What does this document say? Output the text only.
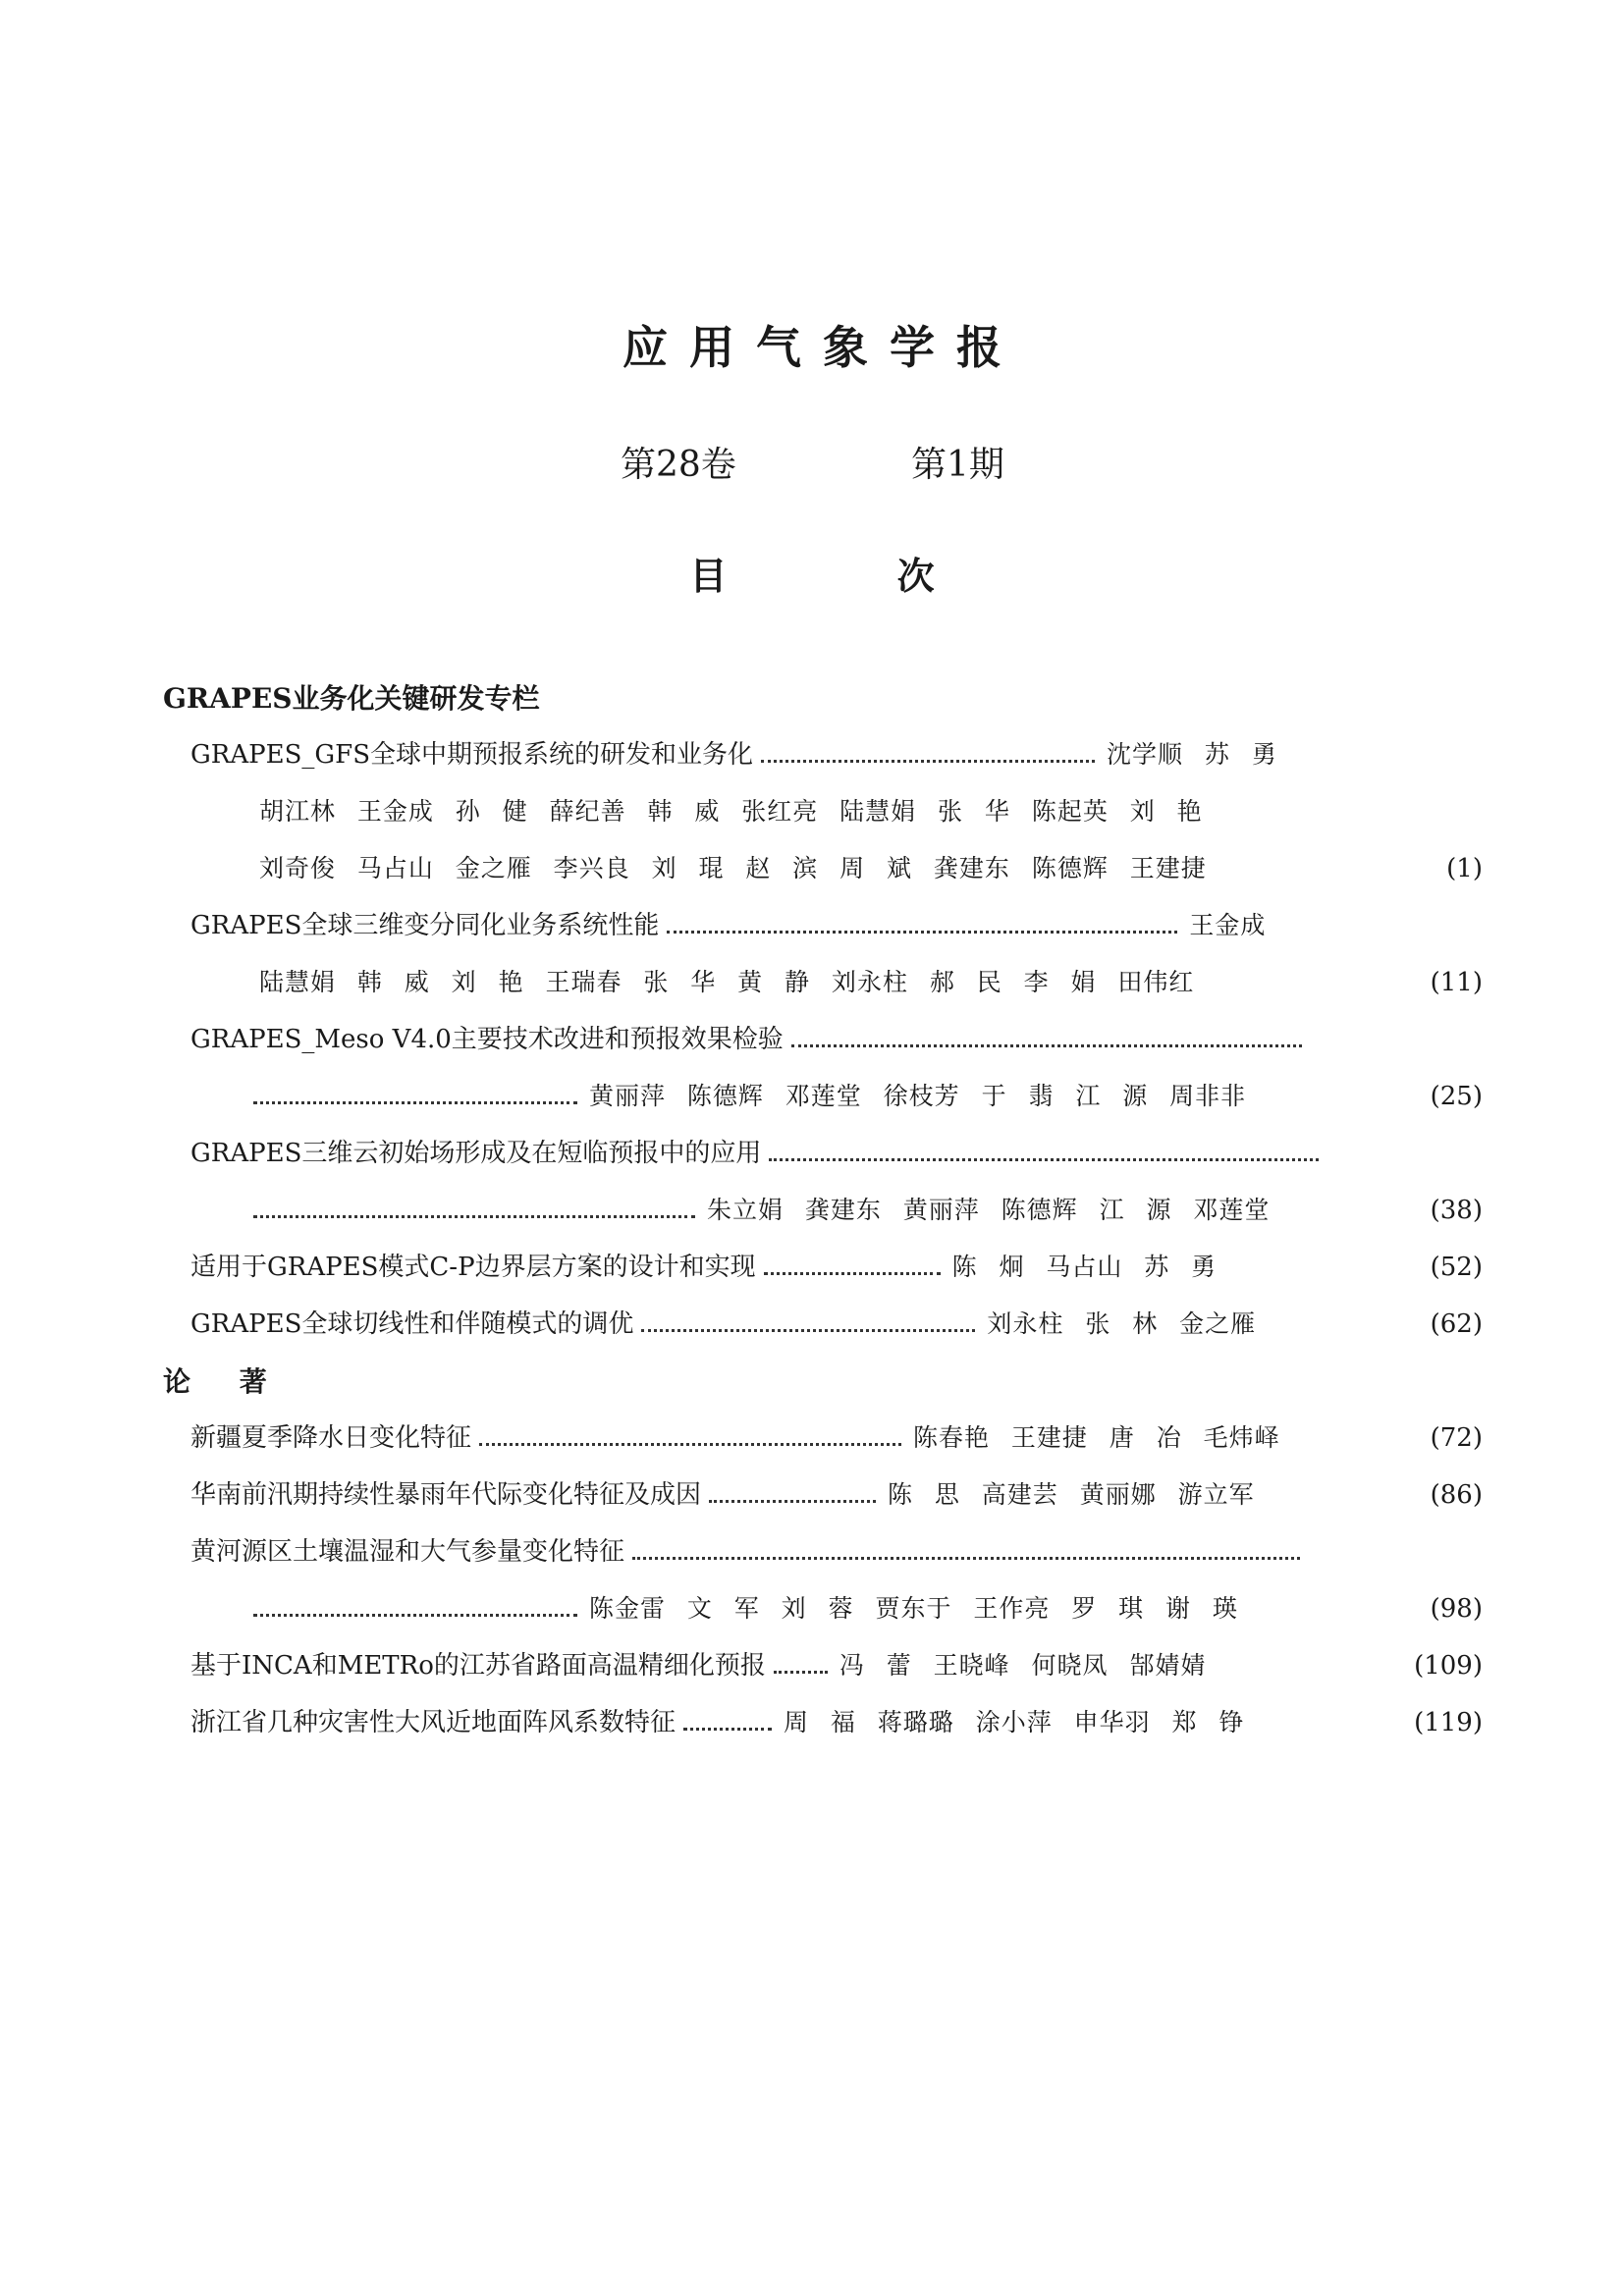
应用气象学报
第28卷	第1期
目 次
GRAPES业务化关键研发专栏
GRAPES_GFS全球中期预报系统的研发和业务化	沈学顺  苏  勇
胡江林  王金成  孙  健  薛纪善  韩  威  张红亮  陆慧娟  张  华  陈起英  刘  艳
刘奇俊  马占山  金之雁  李兴良  刘  琨  赵  滨  周  斌  龚建东  陈德辉  王建捷	(1)
GRAPES全球三维变分同化业务系统性能	王金成
陆慧娟  韩  威  刘  艳  王瑞春  张  华  黄  静  刘永柱  郝  民  李  娟  田伟红	(11)
GRAPES_Meso V4.0主要技术改进和预报效果检验
黄丽萍  陈德辉  邓莲堂  徐枝芳  于  翡  江  源  周非非	(25)
GRAPES三维云初始场形成及在短临预报中的应用
朱立娟  龚建东  黄丽萍  陈德辉  江  源  邓莲堂	(38)
适用于GRAPES模式C-P边界层方案的设计和实现	陈  炯  马占山  苏  勇	(52)
GRAPES全球切线性和伴随模式的调优	刘永柱  张  林  金之雁	(62)
论 著
新疆夏季降水日变化特征	陈春艳  王建捷  唐  冶  毛炜峄	(72)
华南前汛期持续性暴雨年代际变化特征及成因	陈  思  高建芸  黄丽娜  游立军	(86)
黄河源区土壤温湿和大气参量变化特征
陈金雷  文  军  刘  蓉  贾东于  王作亮  罗  琪  谢  瑛	(98)
基于INCA和METRo的江苏省路面高温精细化预报	冯  蕾  王晓峰  何晓凤  郜婧婧	(109)
浙江省几种灾害性大风近地面阵风系数特征	周  福  蒋璐璐  涂小萍  申华羽  郑  铮	(119)
